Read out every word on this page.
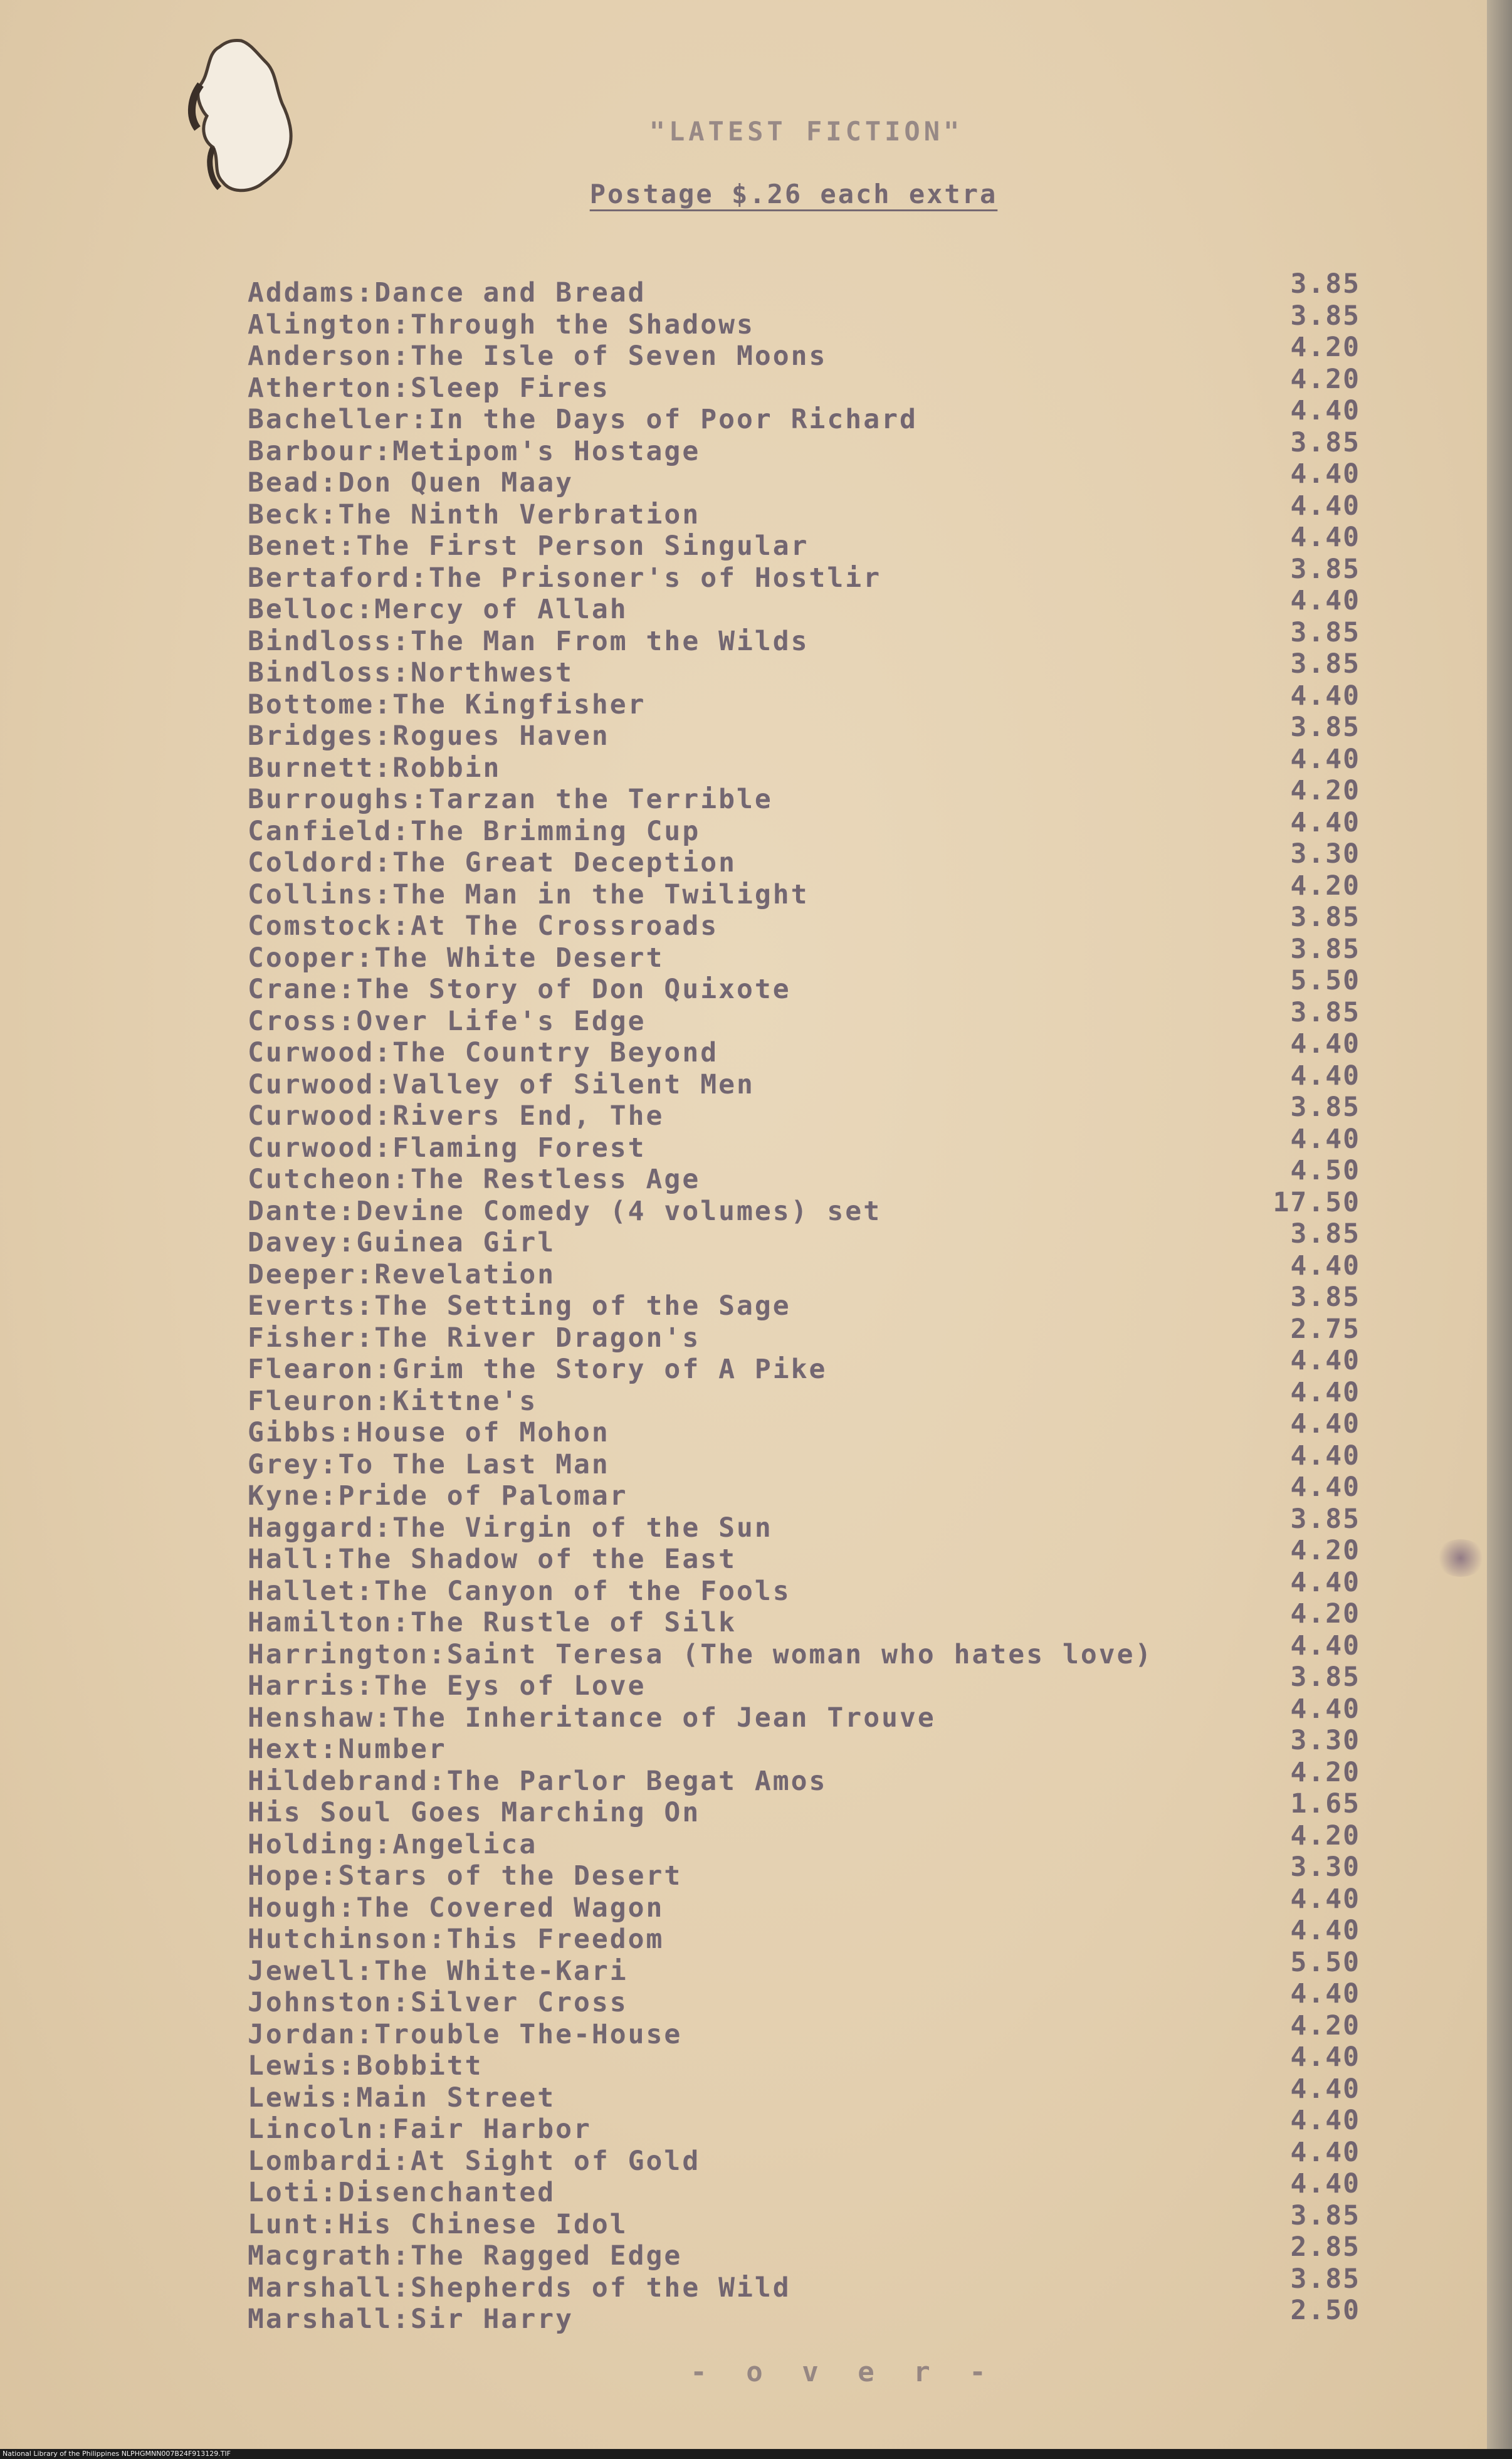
"LATEST FICTION"
Postage $.26 each extra
Addams:Dance and Bread
Alington:Through the Shadows
Anderson:The Isle of Seven Moons
Atherton:Sleep Fires
Bacheller:In the Days of Poor Richard
Barbour:Metipom's Hostage
Bead:Don Quen Maay
Beck:The Ninth Verbration
Benet:The First Person Singular
Bertaford:The Prisoner's of Hostlir
Belloc:Mercy of Allah
Bindloss:The Man From the Wilds
Bindloss:Northwest
Bottome:The Kingfisher
Bridges:Rogues Haven
Burnett:Robbin
Burroughs:Tarzan the Terrible
Canfield:The Brimming Cup
Coldord:The Great Deception
Collins:The Man in the Twilight
Comstock:At The Crossroads
Cooper:The White Desert
Crane:The Story of Don Quixote
Cross:Over Life's Edge
Curwood:The Country Beyond
Curwood:Valley of Silent Men
Curwood:Rivers End, The
Curwood:Flaming Forest
Cutcheon:The Restless Age
Dante:Devine Comedy (4 volumes) set
Davey:Guinea Girl
Deeper:Revelation
Everts:The Setting of the Sage
Fisher:The River Dragon's
Flearon:Grim the Story of A Pike
Fleuron:Kittne's
Gibbs:House of Mohon
Grey:To The Last Man
Kyne:Pride of Palomar
Haggard:The Virgin of the Sun
Hall:The Shadow of the East
Hallet:The Canyon of the Fools
Hamilton:The Rustle of Silk
Harrington:Saint Teresa (The woman who hates love)
Harris:The Eys of Love
Henshaw:The Inheritance of Jean Trouve
Hext:Number
Hildebrand:The Parlor Begat Amos
His Soul Goes Marching On
Holding:Angelica
Hope:Stars of the Desert
Hough:The Covered Wagon
Hutchinson:This Freedom
Jewell:The White-Kari
Johnston:Silver Cross
Jordan:Trouble The-House
Lewis:Bobbitt
Lewis:Main Street
Lincoln:Fair Harbor
Lombardi:At Sight of Gold
Loti:Disenchanted
Lunt:His Chinese Idol
Macgrath:The Ragged Edge
Marshall:Shepherds of the Wild
Marshall:Sir Harry
3.85
3.85
4.20
4.20
4.40
3.85
4.40
4.40
4.40
3.85
4.40
3.85
3.85
4.40
3.85
4.40
4.20
4.40
3.30
4.20
3.85
3.85
5.50
3.85
4.40
4.40
3.85
4.40
4.50
17.50
3.85
4.40
3.85
2.75
4.40
4.40
4.40
4.40
4.40
3.85
4.20
4.40
4.20
4.40
3.85
4.40
3.30
4.20
1.65
4.20
3.30
4.40
4.40
5.50
4.40
4.20
4.40
4.40
4.40
4.40
4.40
3.85
2.85
3.85
2.50
- o v e r -
National Library of the Philippines NLPHGMNN007B24F913129.TIF
